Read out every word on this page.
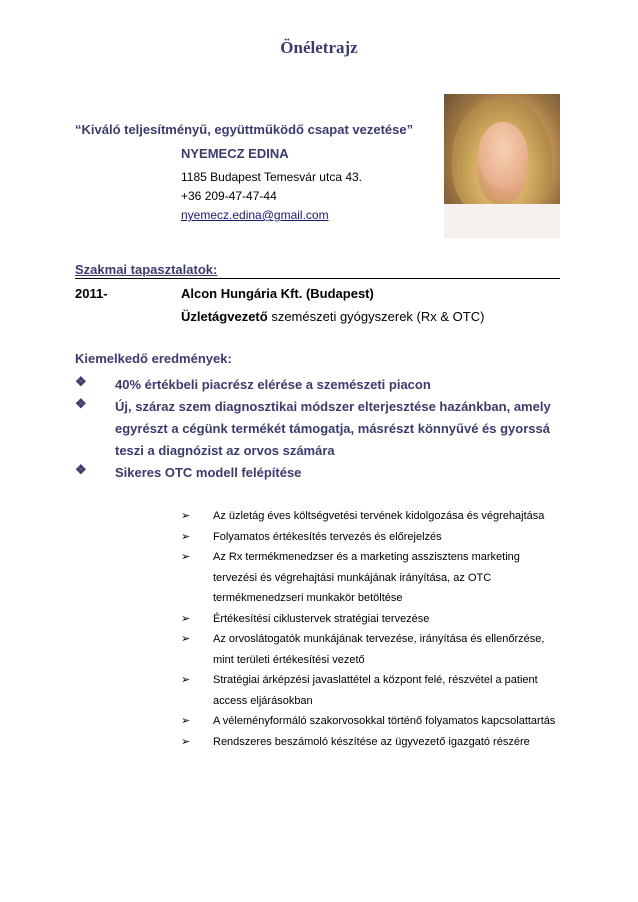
Önéletrajz
“Kiváló teljesítményű, együttműködő csapat vezetése”
NYEMECZ EDINA
1185 Budapest Temesvár utca 43.
+36 209-47-47-44
nyemecz.edina@gmail.com
Szakmai tapasztalatok:
2011-	Alcon Hungária Kft. (Budapest)
Üzletágvezető szemészeti gyógyszerek (Rx & OTC)
Kiemelkedő eredmények:
❖ 40% értékbeli piacrész elérése a szemészeti piacon
❖ Új, száraz szem diagnosztikai módszer elterjesztése hazánkban, amely egyrészt a cégünk termékét támogatja, másrészt könnyűvé és gyorssá teszi a diagnózist az orvos számára
❖ Sikeres OTC modell felépítése
➢ Az üzletág éves költségvetési tervének kidolgozása és végrehajtása
➢ Folyamatos értékesítés tervezés és előrejelzés
➢ Az Rx termékmenedzser és a marketing asszisztens marketing tervezési és végrehajtási munkájának irányítása, az OTC termékmenedzseri munkakör betöltése
➢ Értékesítési ciklustervek stratégiai tervezése
➢ Az orvoslátogatók munkájának tervezése, irányítása és ellenőrzése, mint területi értékesítési vezető
➢ Stratégiai árképzési javaslattétel a központ felé, részvétel a patient access eljárásokban
➢ A véleményformáló szakorvosokkal történő folyamatos kapcsolattartás
➢ Rendszeres beszámoló készítése az ügyvezető igazgató részére
